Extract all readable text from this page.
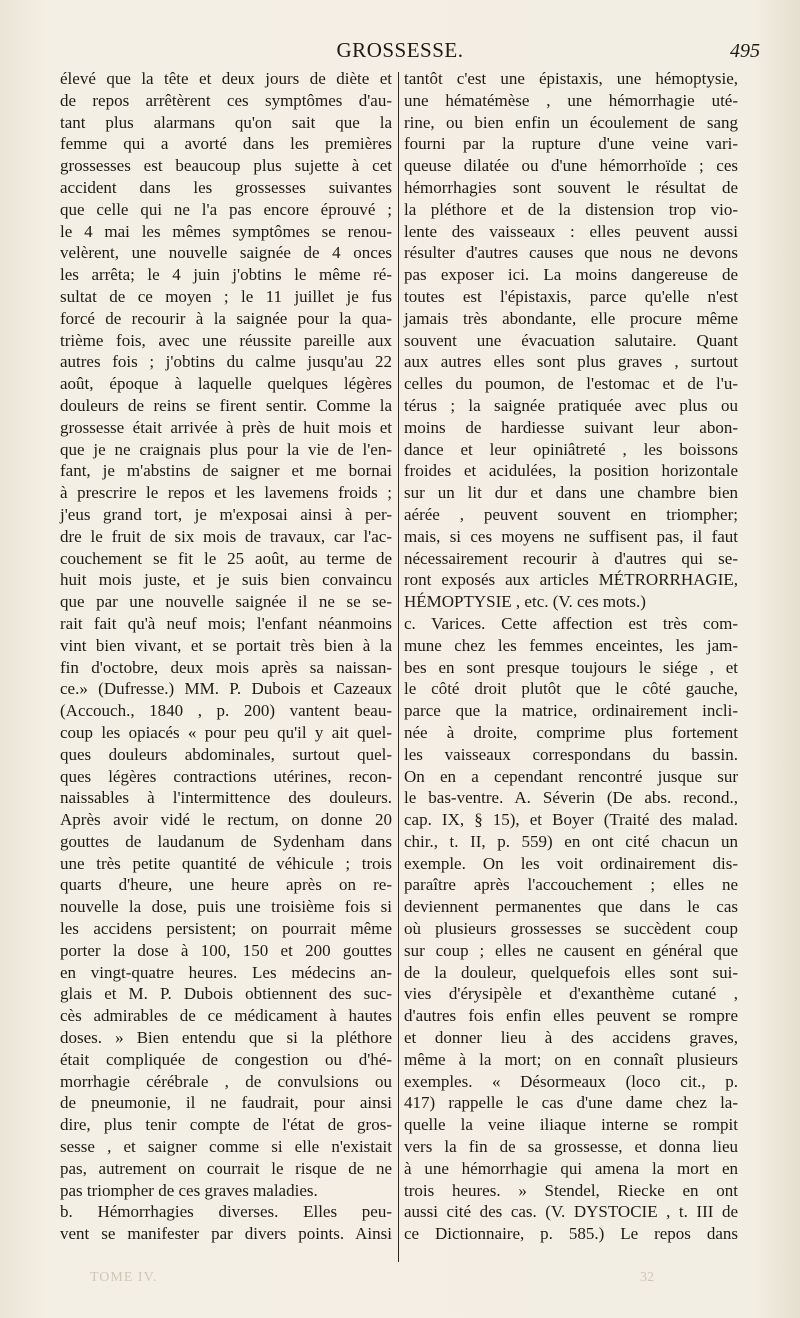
GROSSESSE.	495
élevé que la tête et deux jours de diète et
de repos arrêtèrent ces symptômes d'au-
tant plus alarmans qu'on sait que la
femme qui a avorté dans les premières
grossesses est beaucoup plus sujette à cet
accident dans les grossesses suivantes
que celle qui ne l'a pas encore éprouvé ;
le 4 mai les mêmes symptômes se renou-
velèrent, une nouvelle saignée de 4 onces
les arrêta; le 4 juin j'obtins le même ré-
sultat de ce moyen ; le 11 juillet je fus
forcé de recourir à la saignée pour la qua-
trième fois, avec une réussite pareille aux
autres fois ; j'obtins du calme jusqu'au 22
août, époque à laquelle quelques légères
douleurs de reins se firent sentir. Comme la
grossesse était arrivée à près de huit mois et
que je ne craignais plus pour la vie de l'en-
fant, je m'abstins de saigner et me bornai
à prescrire le repos et les lavemens froids ;
j'eus grand tort, je m'exposai ainsi à per-
dre le fruit de six mois de travaux, car l'ac-
couchement se fit le 25 août, au terme de
huit mois juste, et je suis bien convaincu
que par une nouvelle saignée il ne se se-
rait fait qu'à neuf mois; l'enfant néanmoins
vint bien vivant, et se portait très bien à la
fin d'octobre, deux mois après sa naissan-
ce.» (Dufresse.) MM. P. Dubois et Cazeaux
(Accouch., 1840 , p. 200) vantent beau-
coup les opiacés « pour peu qu'il y ait quel-
ques douleurs abdominales, surtout quel-
ques légères contractions utérines, recon-
naissables à l'intermittence des douleurs.
Après avoir vidé le rectum, on donne 20
gouttes de laudanum de Sydenham dans
une très petite quantité de véhicule ; trois
quarts d'heure, une heure après on re-
nouvelle la dose, puis une troisième fois si
les accidens persistent; on pourrait même
porter la dose à 100, 150 et 200 gouttes
en vingt-quatre heures. Les médecins an-
glais et M. P. Dubois obtiennent des suc-
cès admirables de ce médicament à hautes
doses. » Bien entendu que si la pléthore
était compliquée de congestion ou d'hé-
morrhagie cérébrale , de convulsions ou
de pneumonie, il ne faudrait, pour ainsi
dire, plus tenir compte de l'état de gros-
sesse , et saigner comme si elle n'existait
pas, autrement on courrait le risque de ne
pas triompher de ces graves maladies.
b. Hémorrhagies diverses. Elles peu-
vent se manifester par divers points. Ainsi
tantôt c'est une épistaxis, une hémoptysie,
une hématémèse , une hémorrhagie uté-
rine, ou bien enfin un écoulement de sang
fourni par la rupture d'une veine vari-
queuse dilatée ou d'une hémorrhoïde ; ces
hémorrhagies sont souvent le résultat de
la pléthore et de la distension trop vio-
lente des vaisseaux : elles peuvent aussi
résulter d'autres causes que nous ne devons
pas exposer ici. La moins dangereuse de
toutes est l'épistaxis, parce qu'elle n'est
jamais très abondante, elle procure même
souvent une évacuation salutaire. Quant
aux autres elles sont plus graves , surtout
celles du poumon, de l'estomac et de l'u-
térus ; la saignée pratiquée avec plus ou
moins de hardiesse suivant leur abon-
dance et leur opiniâtreté , les boissons
froides et acidulées, la position horizontale
sur un lit dur et dans une chambre bien
aérée , peuvent souvent en triompher;
mais, si ces moyens ne suffisent pas, il faut
nécessairement recourir à d'autres qui se-
ront exposés aux articles MÉTRORRHAGIE,
HÉMOPTYSIE , etc. (V. ces mots.)
c. Varices. Cette affection est très com-
mune chez les femmes enceintes, les jam-
bes en sont presque toujours le siége , et
le côté droit plutôt que le côté gauche,
parce que la matrice, ordinairement incli-
née à droite, comprime plus fortement
les vaisseaux correspondans du bassin.
On en a cependant rencontré jusque sur
le bas-ventre. A. Séverin (De abs. recond.,
cap. IX, § 15), et Boyer (Traité des malad.
chir., t. II, p. 559) en ont cité chacun un
exemple. On les voit ordinairement dis-
paraître après l'accouchement ; elles ne
deviennent permanentes que dans le cas
où plusieurs grossesses se succèdent coup
sur coup ; elles ne causent en général que
de la douleur, quelquefois elles sont sui-
vies d'érysipèle et d'exanthème cutané ,
d'autres fois enfin elles peuvent se rompre
et donner lieu à des accidens graves,
même à la mort; on en connaît plusieurs
exemples. « Désormeaux (loco cit., p.
417) rappelle le cas d'une dame chez la-
quelle la veine iliaque interne se rompit
vers la fin de sa grossesse, et donna lieu
à une hémorrhagie qui amena la mort en
trois heures. » Stendel, Riecke en ont
aussi cité des cas. (V. DYSTOCIE , t. III de
ce Dictionnaire, p. 585.) Le repos dans
TOME IV.	32
